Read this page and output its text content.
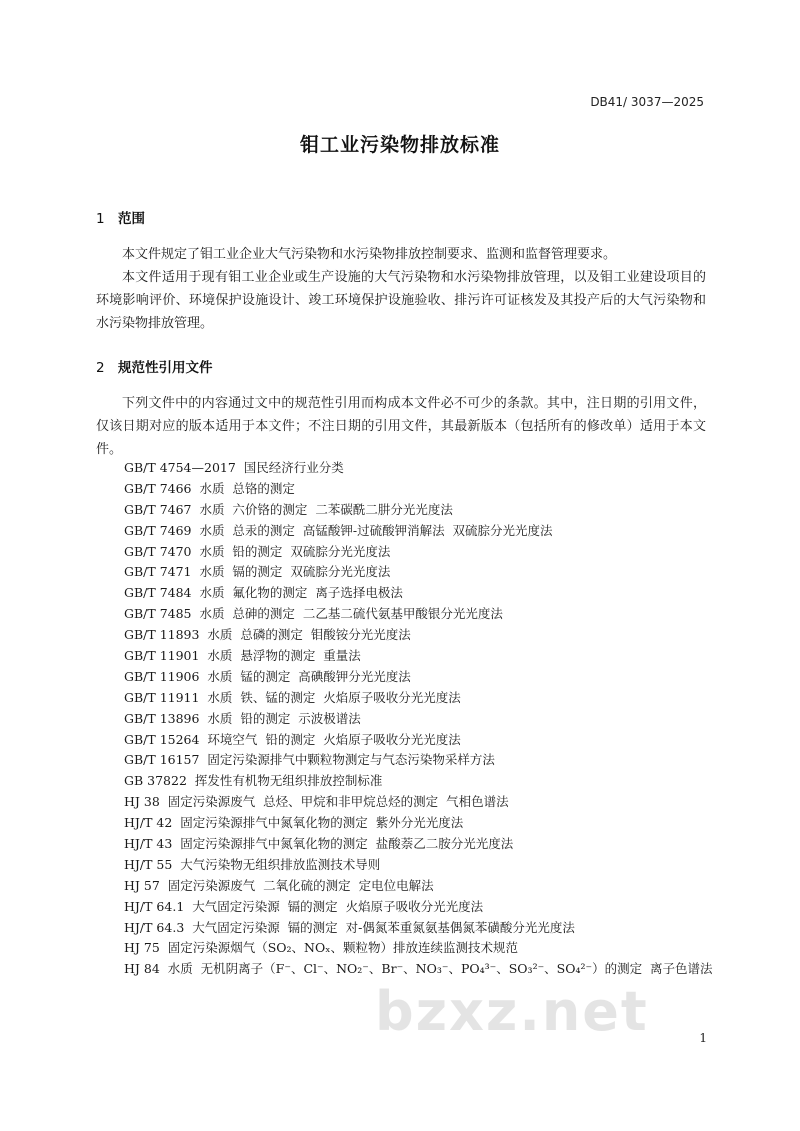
DB41/ 3037—2025
钼工业污染物排放标准
1 范围

本文件规定了钼工业企业大气污染物和水污染物排放控制要求、监测和监督管理要求。

本文件适用于现有钼工业企业或生产设施的大气污染物和水污染物排放管理，以及钼工业建设项目的环境影响评价、环境保护设施设计、竣工环境保护设施验收、排污许可证核发及其投产后的大气污染物和水污染物排放管理。

2 规范性引用文件

下列文件中的内容通过文中的规范性引用而构成本文件必不可少的条款。其中，注日期的引用文件，仅该日期对应的版本适用于本文件；不注日期的引用文件，其最新版本（包括所有的修改单）适用于本文件。

GB/T 4754—2017  国民经济行业分类
GB/T 7466  水质  总铬的测定
GB/T 7467  水质  六价铬的测定  二苯碳酰二肼分光光度法
GB/T 7469  水质  总汞的测定  高锰酸钾-过硫酸钾消解法  双硫腙分光光度法
GB/T 7470  水质  铅的测定  双硫腙分光光度法
GB/T 7471  水质  镉的测定  双硫腙分光光度法
GB/T 7484  水质  氟化物的测定  离子选择电极法
GB/T 7485  水质  总砷的测定  二乙基二硫代氨基甲酸银分光光度法
GB/T 11893  水质  总磷的测定  钼酸铵分光光度法
GB/T 11901  水质  悬浮物的测定  重量法
GB/T 11906  水质  锰的测定  高碘酸钾分光光度法
GB/T 11911  水质  铁、锰的测定  火焰原子吸收分光光度法
GB/T 13896  水质  铅的测定  示波极谱法
GB/T 15264  环境空气  铅的测定  火焰原子吸收分光光度法
GB/T 16157  固定污染源排气中颗粒物测定与气态污染物采样方法
GB 37822  挥发性有机物无组织排放控制标准
HJ 38  固定污染源废气  总烃、甲烷和非甲烷总烃的测定  气相色谱法
HJ/T 42  固定污染源排气中氮氧化物的测定  紫外分光光度法
HJ/T 43  固定污染源排气中氮氧化物的测定  盐酸萘乙二胺分光光度法
HJ/T 55  大气污染物无组织排放监测技术导则
HJ 57  固定污染源废气  二氧化硫的测定  定电位电解法
HJ/T 64.1  大气固定污染源  镉的测定  火焰原子吸收分光光度法
HJ/T 64.3  大气固定污染源  镉的测定  对-偶氮苯重氮氨基偶氮苯磺酸分光光度法
HJ 75  固定污染源烟气（SO₂、NOₓ、颗粒物）排放连续监测技术规范
HJ 84  水质  无机阴离子（F⁻、Cl⁻、NO₂⁻、Br⁻、NO₃⁻、PO₄³⁻、SO₃²⁻、SO₄²⁻）的测定  离子色谱法
bzxz.net	1
